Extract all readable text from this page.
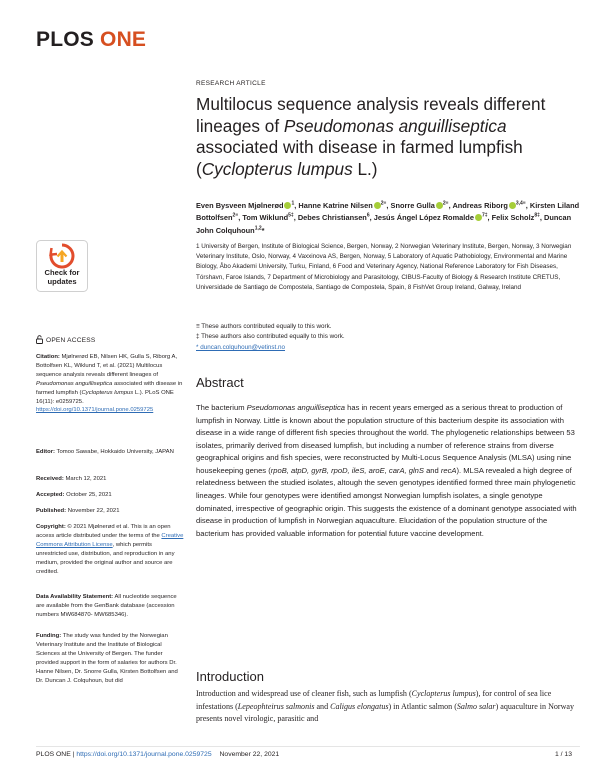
PLOS ONE
RESEARCH ARTICLE
Multilocus sequence analysis reveals different lineages of Pseudomonas anguilliseptica associated with disease in farmed lumpfish (Cyclopterus lumpus L.)
Even Bysveen Mjølnerød $^1$, Hanne Katrine Nilsen $^{2\equiv}$, Snorre Gulla $^{2\equiv}$, Andreas Riborg $^{3,4\equiv}$, Kirsten Liland Bottolfsen$^{2\equiv}$, Tom Wiklund$^{5\ddagger}$, Debes Christiansen$^6$, Jesús Ángel López Romalde $^{7\ddagger}$, Felix Scholz$^{8\ddagger}$, Duncan John Colquhoun$^{1,2}$*
1 University of Bergen, Institute of Biological Science, Bergen, Norway, 2 Norwegian Veterinary Institute, Bergen, Norway, 3 Norwegian Veterinary Institute, Oslo, Norway, 4 Vaxxinova AS, Bergen, Norway, 5 Laboratory of Aquatic Pathobiology, Environmental and Marine Biology, Åbo Akademi University, Turku, Finland, 6 Food and Veterinary Agency, National Reference Laboratory for Fish Diseases, Tórshavn, Faroe Islands, 7 Department of Microbiology and Parasitology, CIBUS-Faculty of Biology & Research Institute CRETUS, Universidade de Santiago de Compostela, Santiago de Compostela, Spain, 8 FishVet Group Ireland, Galway, Ireland
≡ These authors contributed equally to this work.
‡ These authors also contributed equally to this work.
* duncan.colquhoun@vetinst.no
Abstract
The bacterium Pseudomonas anguilliseptica has in recent years emerged as a serious threat to production of lumpfish in Norway. Little is known about the population structure of this bacterium despite its association with disease in a wide range of different fish species throughout the world. The phylogenetic relationships between 53 isolates, primarily derived from diseased lumpfish, but including a number of reference strains from diverse geographical origins and fish species, were reconstructed by Multi-Locus Sequence Analysis (MLSA) using nine housekeeping genes (rpoB, atpD, gyrB, rpoD, ileS, aroE, carA, glnS and recA). MLSA revealed a high degree of relatedness between the studied isolates, altough the seven genotypes identified formed three main phylogenetic lineages. While four genotypes were identified amongst Norwegian lumpfish isolates, a single genotype dominated, irrespective of geographic origin. This suggests the existence of a dominant genotype associated with disease in production of lumpfish in Norwegian aquaculture. Elucidation of the population structure of the bacterium has provided valuable information for potential future vaccine development.
Introduction
Introduction and widespread use of cleaner fish, such as lumpfish (Cyclopterus lumpus), for control of sea lice infestations (Lepeophteirus salmonis and Caligus elongatus) in Atlantic salmon (Salmo salar) aquaculture in Norway presents novel virologic, parasitic and
Check for
updates
OPEN ACCESS
Citation: Mjølnerød EB, Nilsen HK, Gulla S, Riborg A, Bottolfsen KL, Wiklund T, et al. (2021) Multilocus sequence analysis reveals different lineages of Pseudomonas anguilliseptica associated with disease in farmed lumpfish (Cyclopterus lumpus L.). PLoS ONE 16(11): e0259725. https://doi.org/10.1371/journal.pone.0259725
Editor: Tomoo Sawabe, Hokkaido University, JAPAN
Received: March 12, 2021
Accepted: October 25, 2021
Published: November 22, 2021
Copyright: © 2021 Mjølnerød et al. This is an open access article distributed under the terms of the Creative Commons Attribution License, which permits unrestricted use, distribution, and reproduction in any medium, provided the original author and source are credited.
Data Availability Statement: All nucleotide sequence are available from the GenBank database (accession numbers MW684870- MW685346).
Funding: The study was funded by the Norwegian Veterinary Institute and the Institute of Biological Sciences at the University of Bergen. The funder provided support in the form of salaries for authors Dr. Hanne Nilsen, Dr. Snorre Gulla, Kirsten Bottolfsen and Dr. Duncan J. Colquhoun, but did
PLOS ONE | https://doi.org/10.1371/journal.pone.0259725 November 22, 2021	1 / 13
